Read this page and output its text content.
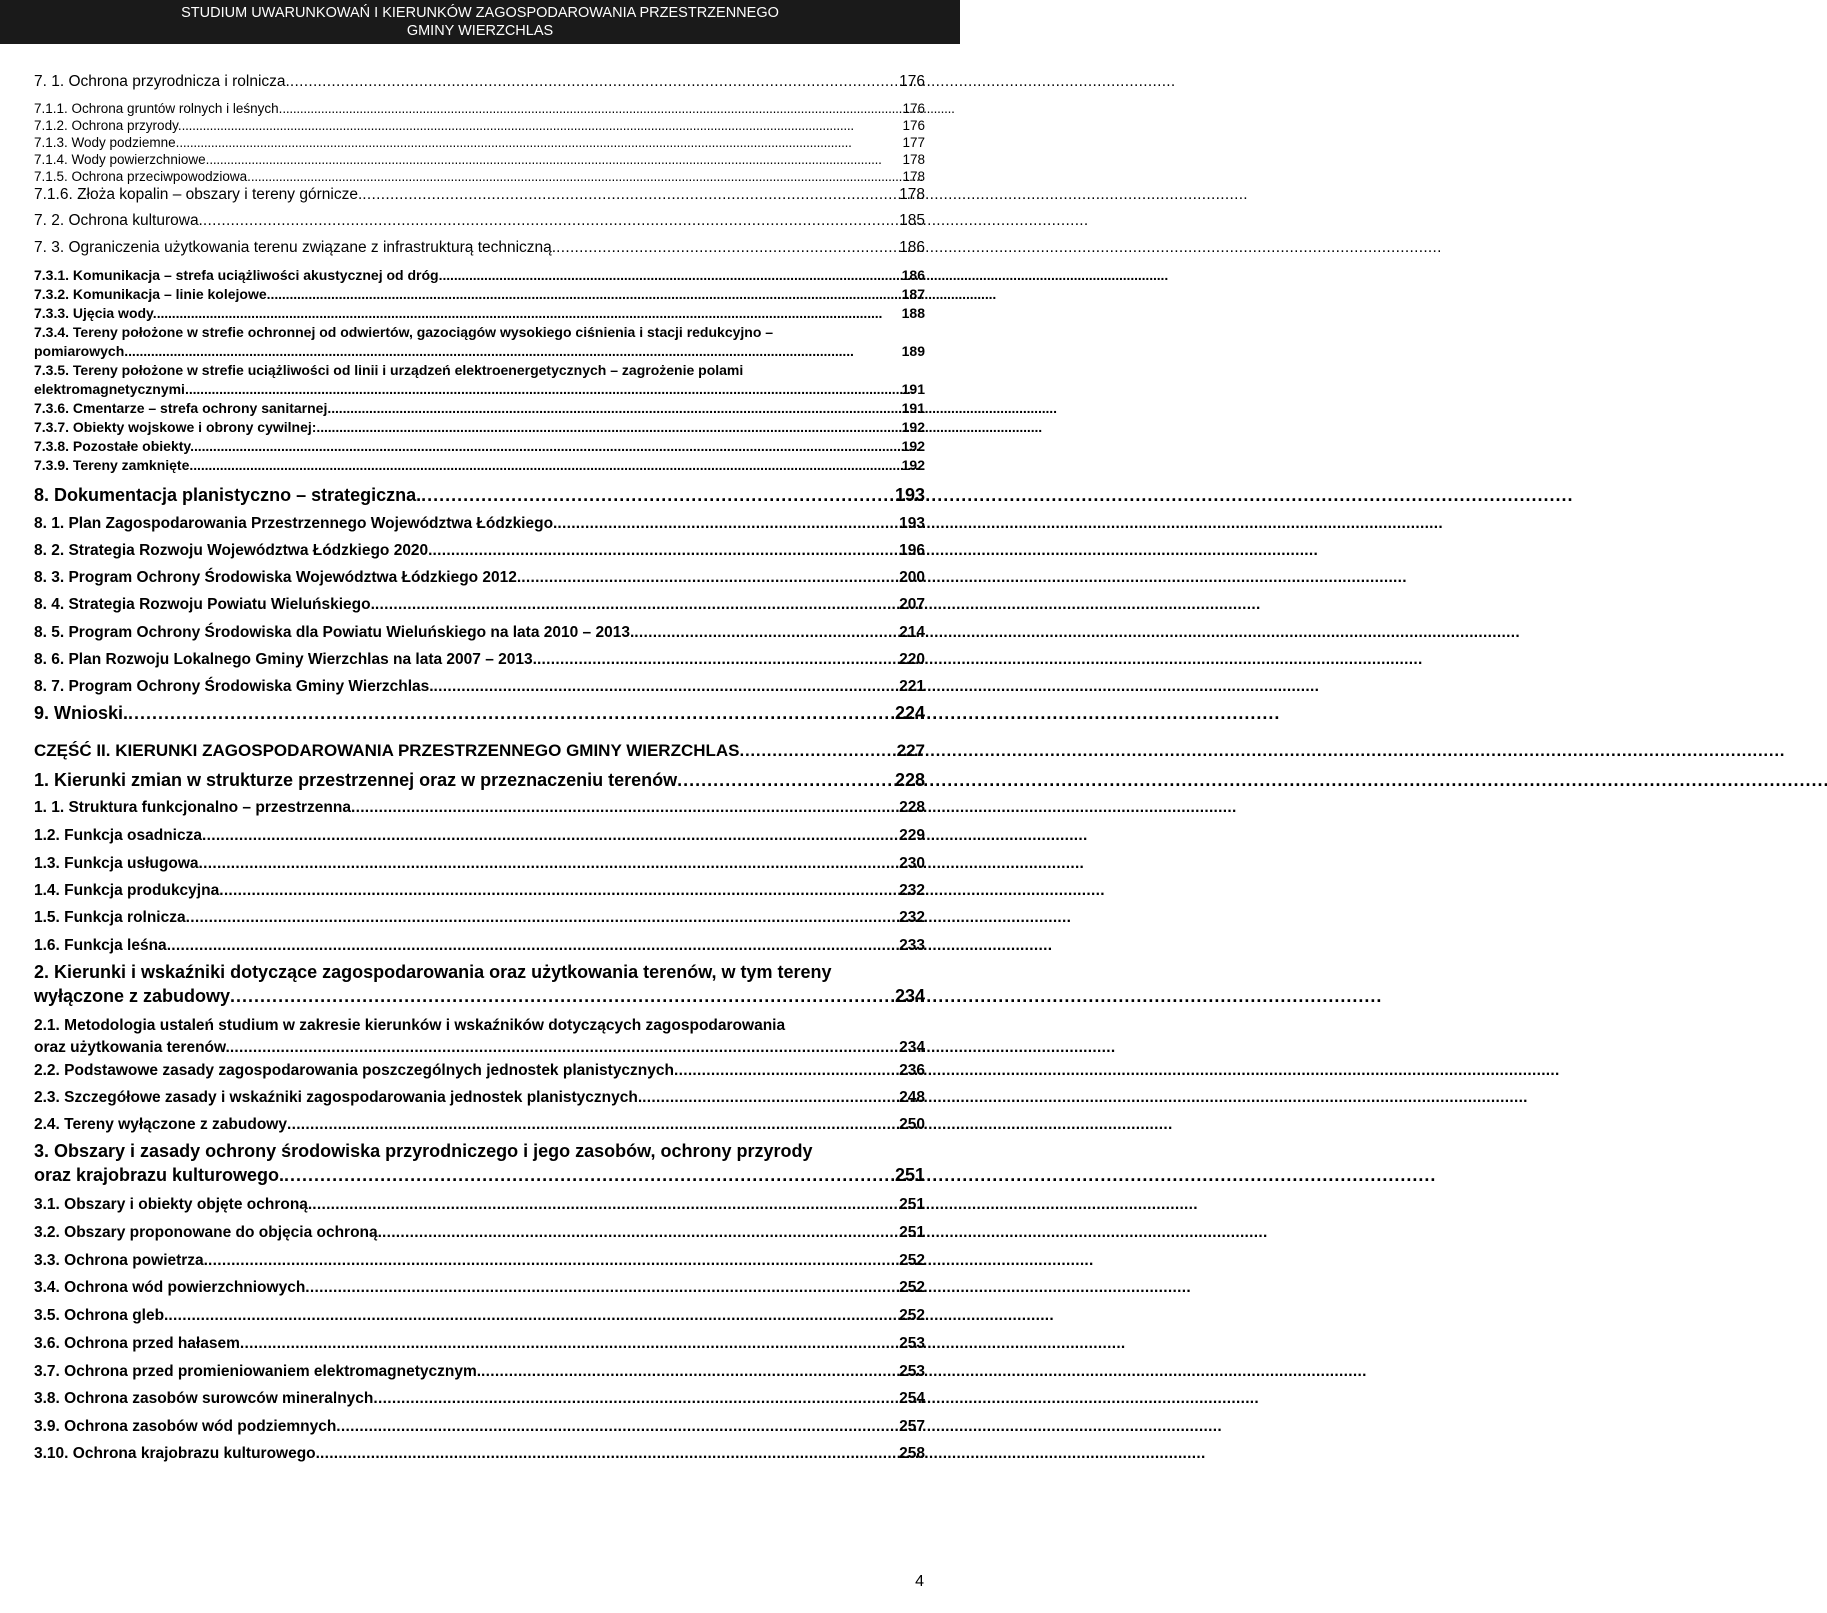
STUDIUM UWARUNKOWAŃ I KIERUNKÓW ZAGOSPODAROWANIA PRZESTRZENNEGO
GMINY WIERZCHLAS
7. 1. Ochrona przyrodnicza i rolnicza. . . .	176
7.1.1. Ochrona gruntów rolnych i leśnych. . . .	176
7.1.2. Ochrona przyrody. . . .	176
7.1.3. Wody podziemne. . . .	177
7.1.4. Wody powierzchniowe. . . .	178
7.1.5. Ochrona przeciwpowodziowa. . . .	178
7.1.6. Złoża kopalin – obszary i tereny górnicze. . . .	178
7. 2. Ochrona kulturowa. . . .	185
7. 3. Ograniczenia użytkowania terenu związane z infrastrukturą techniczną. . . .	186
7.3.1. Komunikacja – strefa uciążliwości akustycznej od dróg. . . .	186
7.3.2. Komunikacja – linie kolejowe. . . .	187
7.3.3. Ujęcia wody. . . .	188
7.3.4. Tereny położone w strefie ochronnej od odwiertów, gazociągów wysokiego ciśnienia i stacji redukcyjno –
pomiarowych. . . .	189
7.3.5. Tereny położone w strefie uciążliwości od linii i urządzeń elektroenergetycznych – zagrożenie polami
elektromagnetycznymi. . . .	191
7.3.6. Cmentarze – strefa ochrony sanitarnej. . . .	191
7.3.7. Obiekty wojskowe i obrony cywilnej: . . .	192
7.3.8. Pozostałe obiekty. . . .	192
7.3.9. Tereny zamknięte. . . .	192
8. Dokumentacja planistyczno – strategiczna. . . .	193
8. 1. Plan Zagospodarowania Przestrzennego Województwa Łódzkiego. . . .	193
8. 2. Strategia Rozwoju Województwa Łódzkiego 2020. . . .	196
8. 3. Program Ochrony Środowiska Województwa Łódzkiego 2012. . . .	200
8. 4. Strategia Rozwoju Powiatu Wieluńskiego. . . .	207
8. 5. Program Ochrony Środowiska dla Powiatu Wieluńskiego na lata 2010 – 2013. . . .	214
8. 6. Plan Rozwoju Lokalnego Gminy Wierzchlas na lata 2007 – 2013. . . .	220
8. 7. Program Ochrony Środowiska Gminy Wierzchlas. . . .	221
9. Wnioski. . . .	224
CZĘŚĆ II. KIERUNKI ZAGOSPODAROWANIA PRZESTRZENNEGO GMINY WIERZCHLAS . . .	227
1. Kierunki zmian w strukturze przestrzennej oraz w przeznaczeniu terenów . . .	228
1. 1. Struktura funkcjonalno – przestrzenna . . .	228
1.2. Funkcja osadnicza . . .	229
1.3. Funkcja usługowa . . .	230
1.4. Funkcja produkcyjna . . .	232
1.5. Funkcja rolnicza . . .	232
1.6. Funkcja leśna . . .	233
2. Kierunki i wskaźniki dotyczące zagospodarowania oraz użytkowania terenów, w tym tereny
wyłączone z zabudowy . . .	234
2.1. Metodologia ustaleń studium w zakresie kierunków i wskaźników dotyczących zagospodarowania
oraz użytkowania terenów. . . .	234
2.2. Podstawowe zasady zagospodarowania poszczególnych jednostek planistycznych . . .	236
2.3. Szczegółowe zasady i wskaźniki zagospodarowania jednostek planistycznych. . . .	248
2.4. Tereny wyłączone z zabudowy . . .	250
3. Obszary i zasady ochrony środowiska przyrodniczego i jego zasobów, ochrony przyrody
oraz krajobrazu kulturowego. . . .	251
3.1. Obszary i obiekty objęte ochroną. . . .	251
3.2. Obszary proponowane do objęcia ochroną. . . .	251
3.3. Ochrona powietrza. . . .	252
3.4. Ochrona wód powierzchniowych . . .	252
3.5. Ochrona gleb. . . .	252
3.6. Ochrona przed hałasem . . .	253
3.7. Ochrona przed promieniowaniem elektromagnetycznym. . . .	253
3.8. Ochrona zasobów surowców mineralnych . . .	254
3.9. Ochrona zasobów wód podziemnych . . .	257
3.10. Ochrona krajobrazu kulturowego. . . .	258
4
